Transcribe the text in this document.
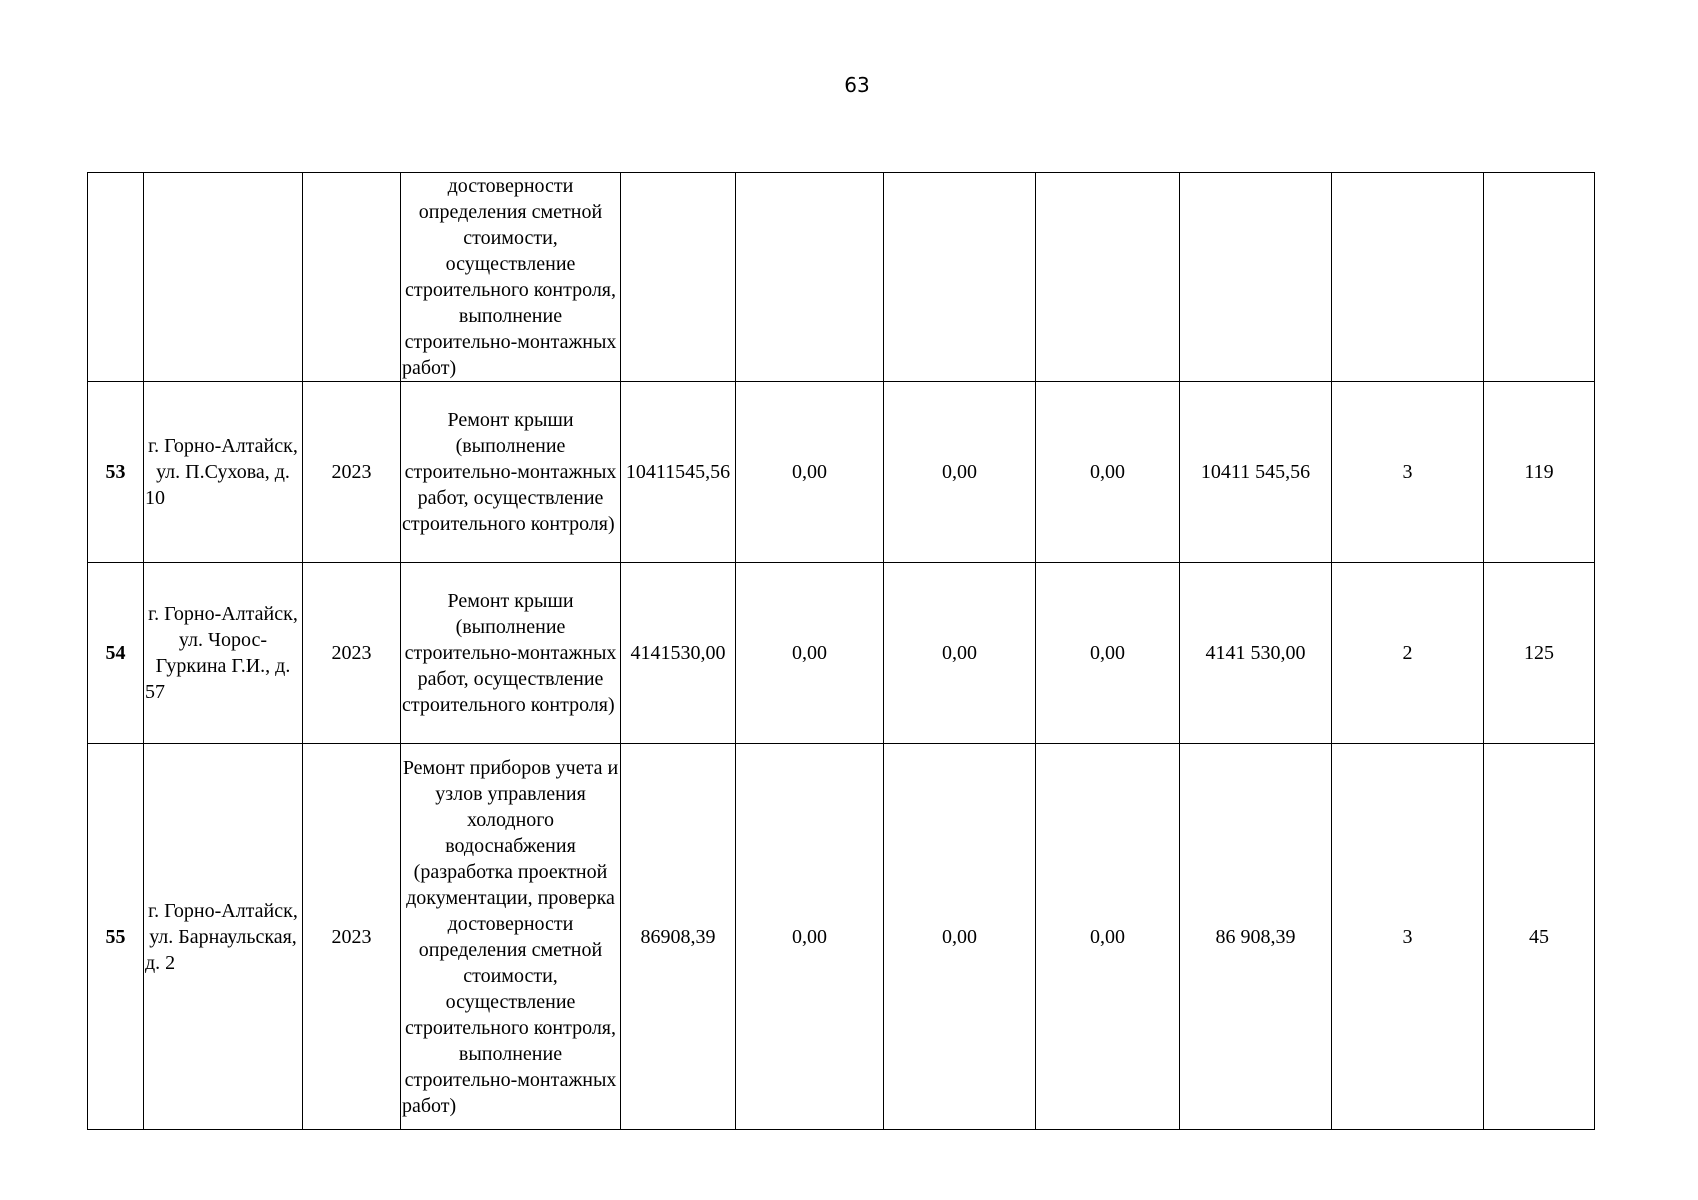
63
			достоверности определения сметной стоимости, осуществление строительного контроля, выполнение строительно-монтажных работ)							
53	г. Горно-Алтайск, ул. П.Сухова, д. 10	2023	Ремонт крыши (выполнение строительно-монтажных работ, осуществление строительного контроля)	10411545,56	0,00	0,00	0,00	10411 545,56	3	119
54	г. Горно-Алтайск, ул. Чорос-Гуркина Г.И., д. 57	2023	Ремонт крыши (выполнение строительно-монтажных работ, осуществление строительного контроля)	4141530,00	0,00	0,00	0,00	4141 530,00	2	125
55	г. Горно-Алтайск, ул. Барнаульская, д. 2	2023	Ремонт приборов учета и узлов управления холодного водоснабжения (разработка проектной документации, проверка достоверности определения сметной стоимости, осуществление строительного контроля, выполнение строительно-монтажных работ)	86908,39	0,00	0,00	0,00	86 908,39	3	45
